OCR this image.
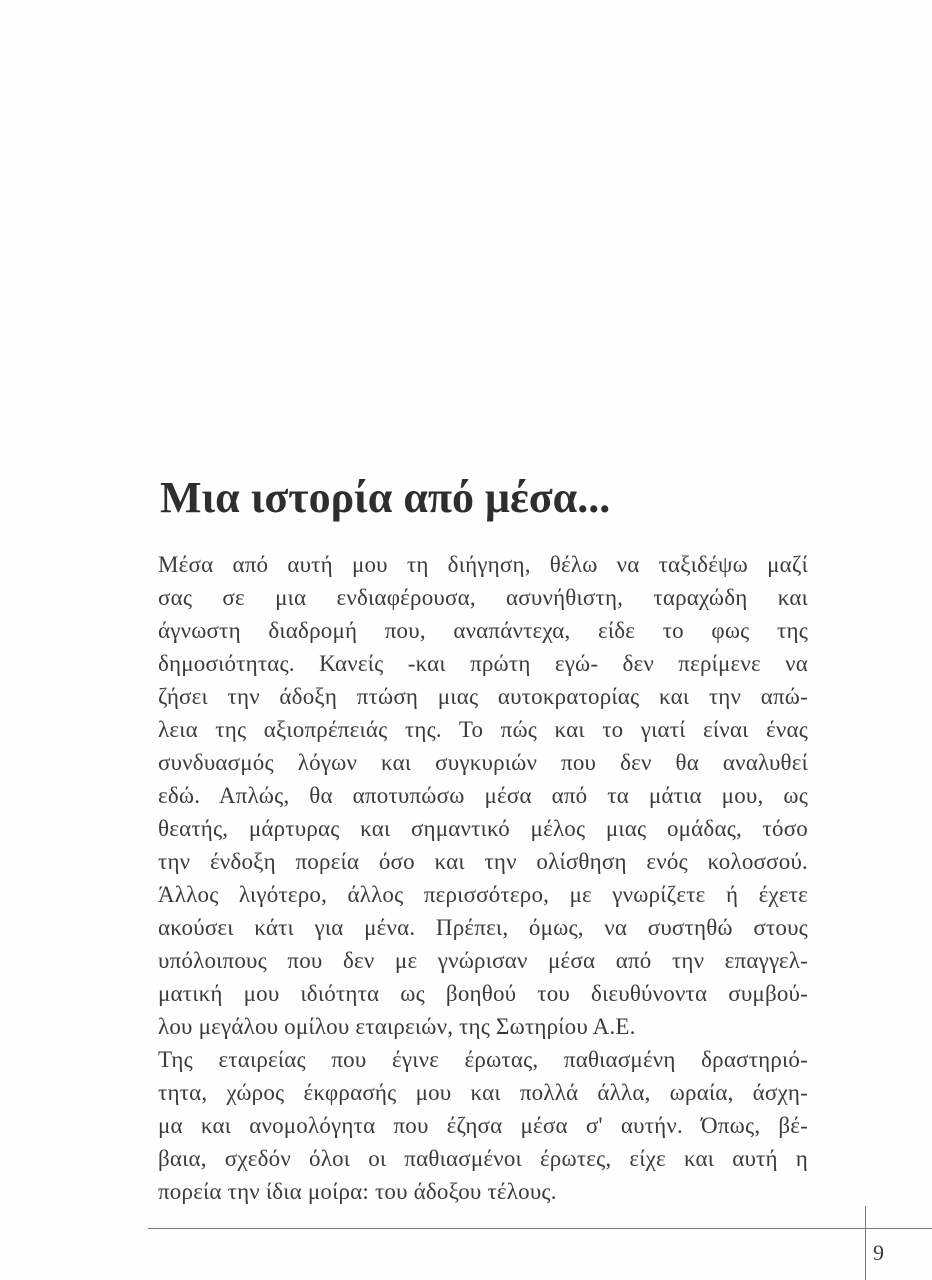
Μια ιστορία από μέσα...
Μέσα από αυτή μου τη διήγηση, θέλω να ταξιδέψω μαζί
σας σε μια ενδιαφέρουσα, ασυνήθιστη, ταραχώδη και
άγνωστη διαδρομή που, αναπάντεχα, είδε το φως της
δημοσιότητας. Κανείς -και πρώτη εγώ- δεν περίμενε να
ζήσει την άδοξη πτώση μιας αυτοκρατορίας και την απώ-
λεια της αξιοπρέπειάς της. Το πώς και το γιατί είναι ένας
συνδυασμός λόγων και συγκυριών που δεν θα αναλυθεί
εδώ. Απλώς, θα αποτυπώσω μέσα από τα μάτια μου, ως
θεατής, μάρτυρας και σημαντικό μέλος μιας ομάδας, τόσο
την ένδοξη πορεία όσο και την ολίσθηση ενός κολοσσού.
Άλλος λιγότερο, άλλος περισσότερο, με γνωρίζετε ή έχετε
ακούσει κάτι για μένα. Πρέπει, όμως, να συστηθώ στους
υπόλοιπους που δεν με γνώρισαν μέσα από την επαγγελ-
ματική μου ιδιότητα ως βοηθού του διευθύνοντα συμβού-
λου μεγάλου ομίλου εταιρειών, της Σωτηρίου Α.Ε.
Της εταιρείας που έγινε έρωτας, παθιασμένη δραστηριό-
τητα, χώρος έκφρασής μου και πολλά άλλα, ωραία, άσχη-
μα και ανομολόγητα που έζησα μέσα σ' αυτήν. Όπως, βέ-
βαια, σχεδόν όλοι οι παθιασμένοι έρωτες, είχε και αυτή η
πορεία την ίδια μοίρα: του άδοξου τέλους.
9
